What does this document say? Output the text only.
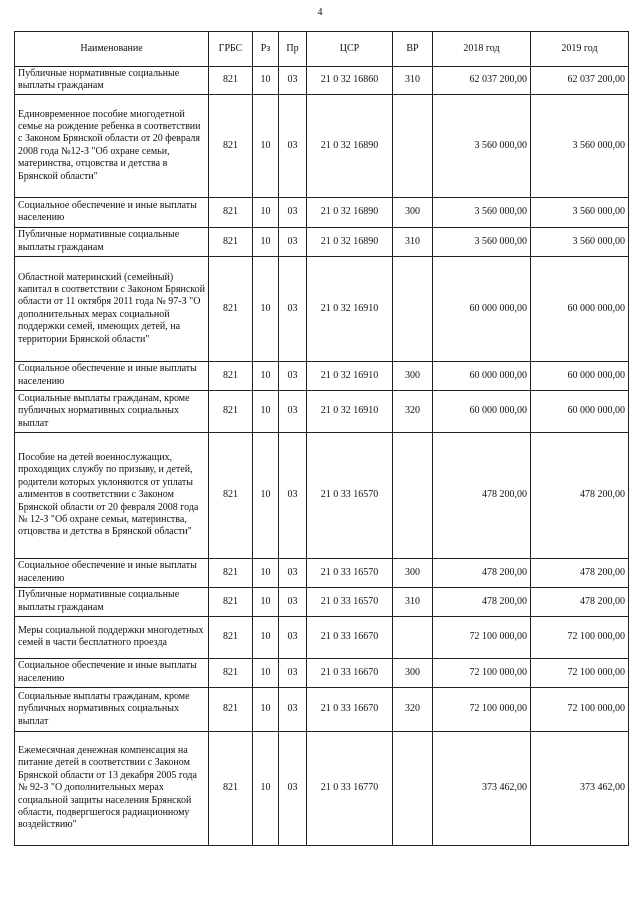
4
Наименование	ГРБС	Рз	Пр	ЦСР	ВР	2018 год	2019 год
Публичные нормативные социальные выплаты гражданам	821	10	03	21 0 32 16860	310	62 037 200,00	62 037 200,00
Единовременное пособие многодетной семье на рождение ребенка в соответствии с Законом Брянской области от 20 февраля 2008 года №12-З "Об охране семьи, материнства, отцовства и детства в Брянской области"	821	10	03	21 0 32 16890		3 560 000,00	3 560 000,00
Социальное обеспечение и иные выплаты населению	821	10	03	21 0 32 16890	300	3 560 000,00	3 560 000,00
Публичные нормативные социальные выплаты гражданам	821	10	03	21 0 32 16890	310	3 560 000,00	3 560 000,00
Областной материнский (семейный) капитал в соответствии с Законом Брянской области от 11 октября 2011 года № 97-З "О дополнительных мерах социальной поддержки семей, имеющих детей, на территории Брянской области"	821	10	03	21 0 32 16910		60 000 000,00	60 000 000,00
Социальное обеспечение и иные выплаты населению	821	10	03	21 0 32 16910	300	60 000 000,00	60 000 000,00
Социальные выплаты гражданам, кроме публичных нормативных социальных выплат	821	10	03	21 0 32 16910	320	60 000 000,00	60 000 000,00
Пособие на детей военнослужащих, проходящих службу по призыву, и детей, родители которых уклоняются от уплаты алиментов в соответствии с Законом Брянской области от 20 февраля 2008 года № 12-З "Об охране семьи, материнства, отцовства и детства в Брянской области"	821	10	03	21 0 33 16570		478 200,00	478 200,00
Социальное обеспечение и иные выплаты населению	821	10	03	21 0 33 16570	300	478 200,00	478 200,00
Публичные нормативные социальные выплаты гражданам	821	10	03	21 0 33 16570	310	478 200,00	478 200,00
Меры социальной поддержки многодетных семей в части бесплатного проезда	821	10	03	21 0 33 16670		72 100 000,00	72 100 000,00
Социальное обеспечение и иные выплаты населению	821	10	03	21 0 33 16670	300	72 100 000,00	72 100 000,00
Социальные выплаты гражданам, кроме публичных нормативных социальных выплат	821	10	03	21 0 33 16670	320	72 100 000,00	72 100 000,00
Ежемесячная денежная компенсация на питание детей в соответствии с Законом Брянской области от 13 декабря 2005 года № 92-З "О дополнительных мерах социальной защиты населения Брянской области, подвергшегося радиационному воздействию"	821	10	03	21 0 33 16770		373 462,00	373 462,00
